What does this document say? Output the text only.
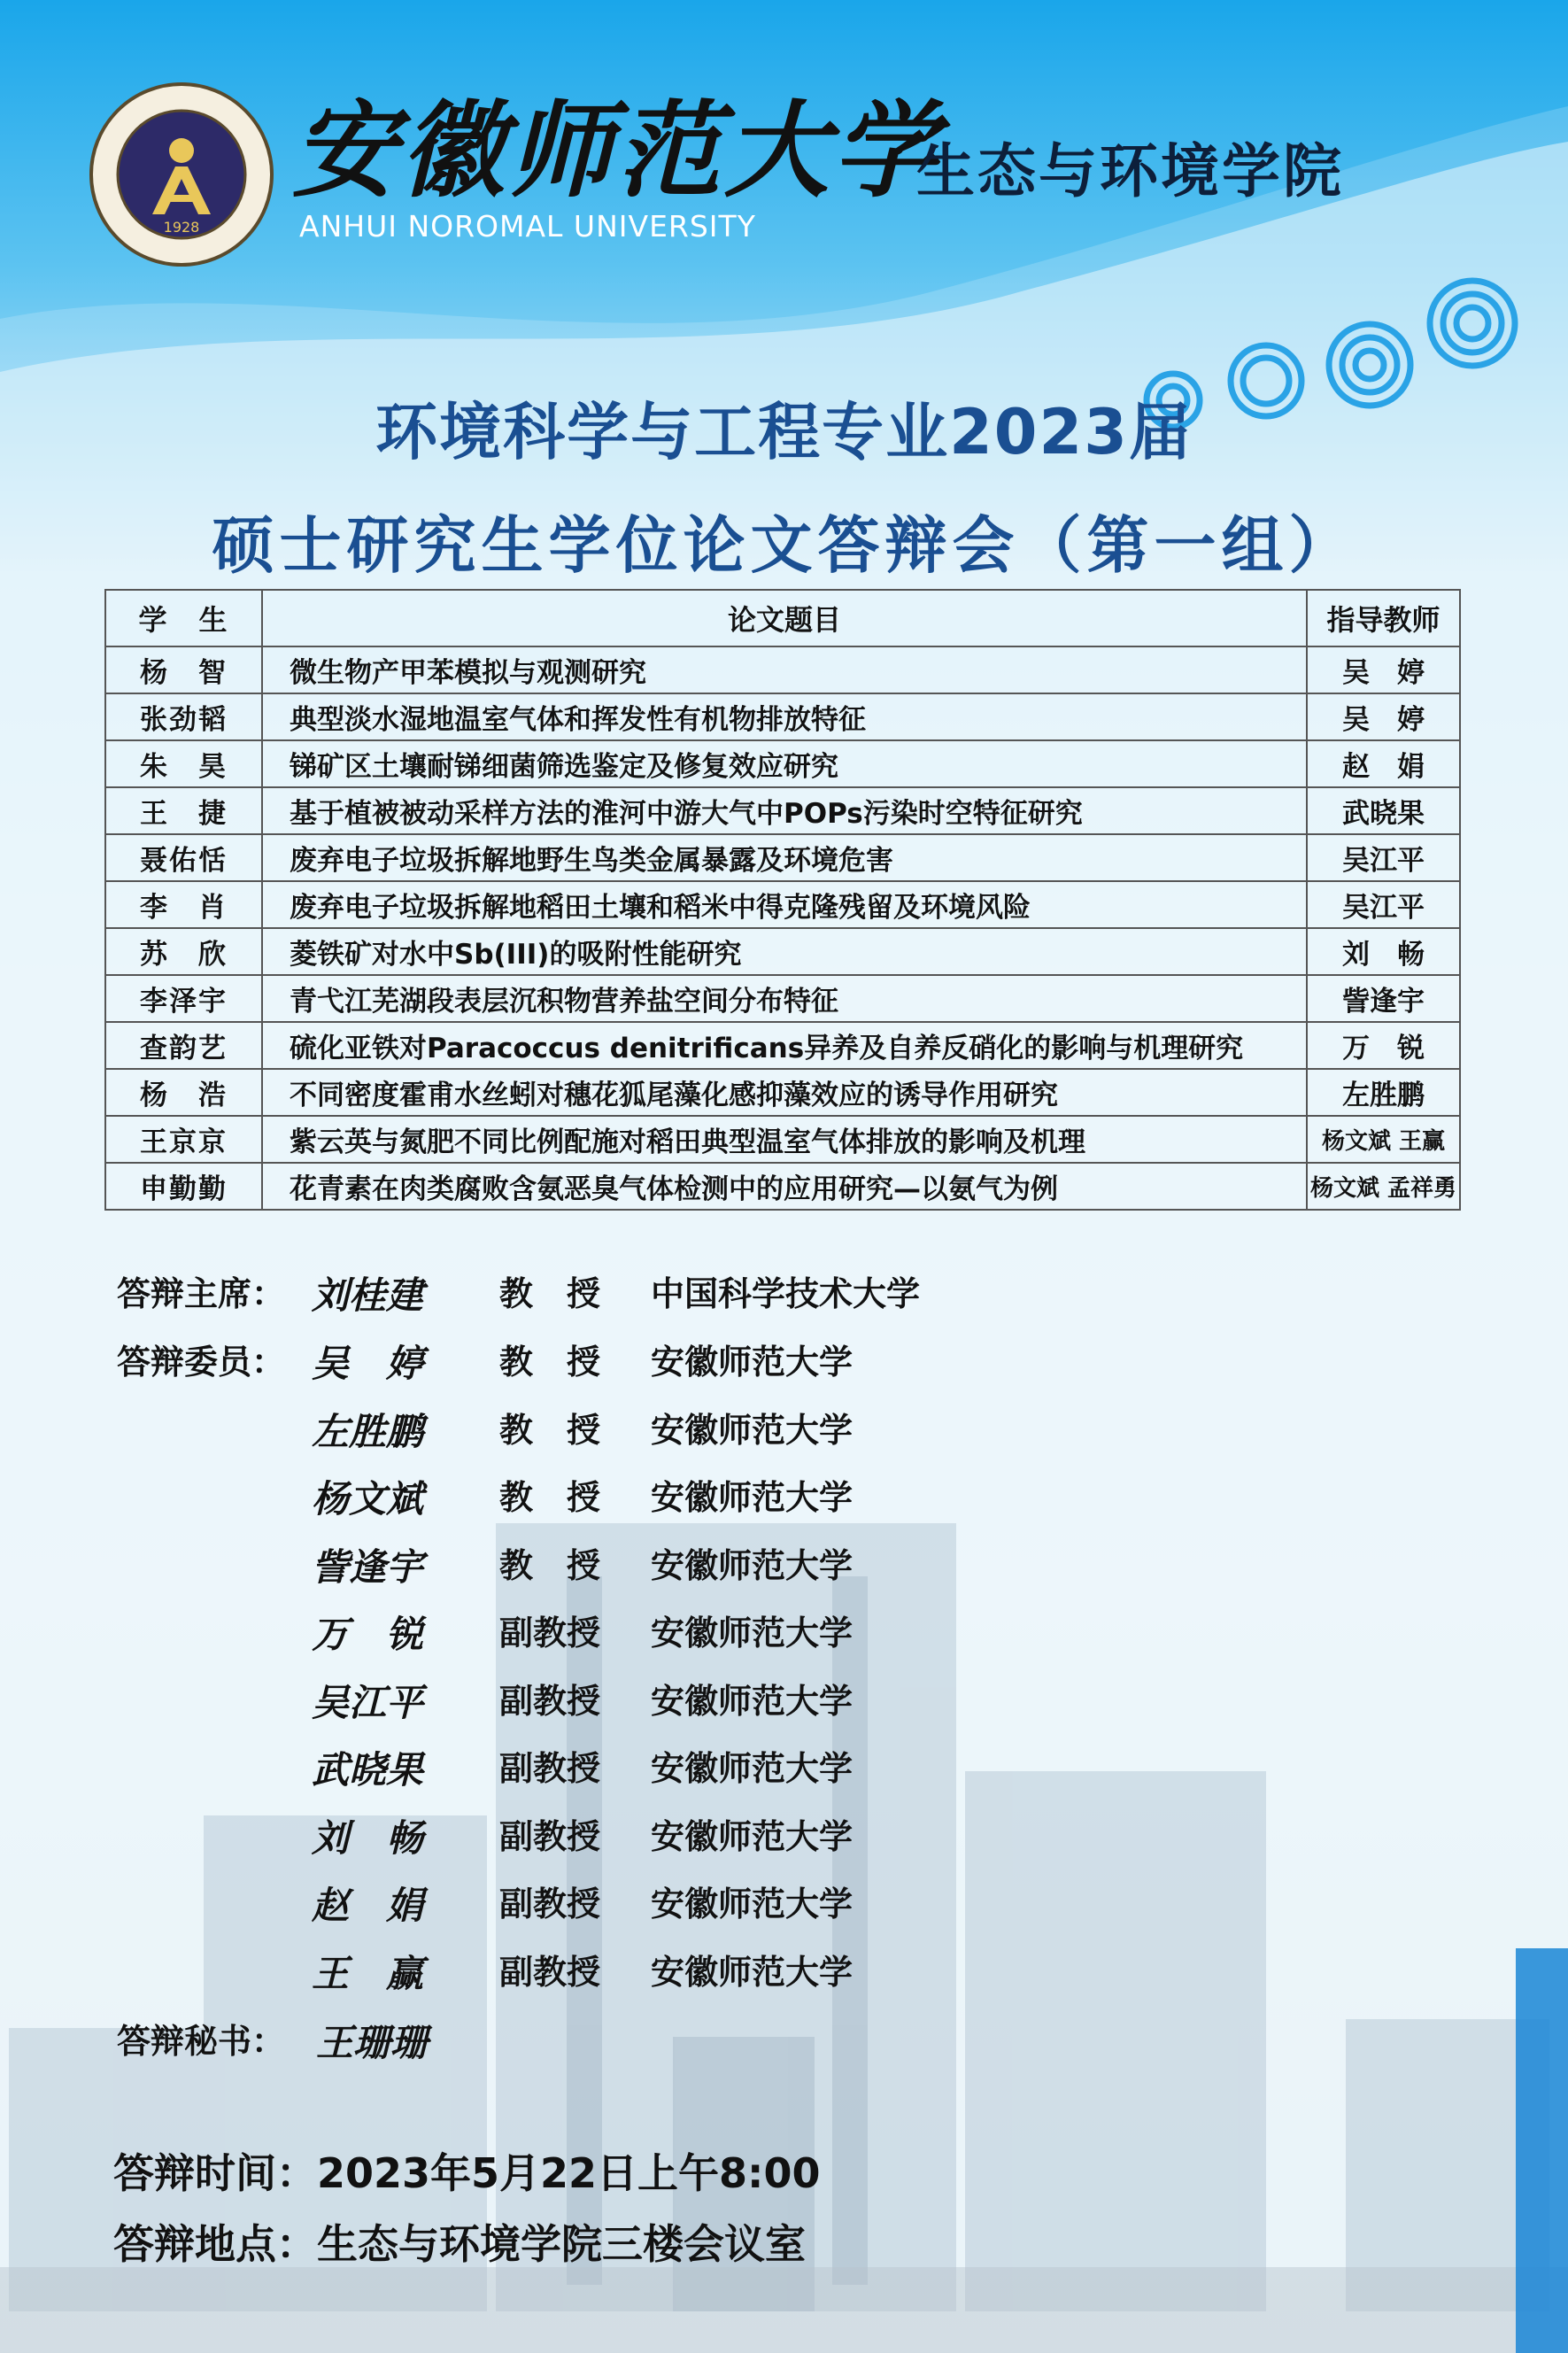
1928
安徽师范大学
ANHUI NOROMAL UNIVERSITY
生态与环境学院
环境科学与工程专业2023届
硕士研究生学位论文答辩会（第一组）
学　生	论文题目	指导教师
杨　智	微生物产甲苯模拟与观测研究	吴　婷
张劲韬	典型淡水湿地温室气体和挥发性有机物排放特征	吴　婷
朱　昊	锑矿区土壤耐锑细菌筛选鉴定及修复效应研究	赵　娟
王　捷	基于植被被动采样方法的淮河中游大气中POPs污染时空特征研究	武晓果
聂佑恬	废弃电子垃圾拆解地野生鸟类金属暴露及环境危害	吴江平
李　肖	废弃电子垃圾拆解地稻田土壤和稻米中得克隆残留及环境风险	吴江平
苏　欣	菱铁矿对水中Sb(III)的吸附性能研究	刘　畅
李泽宇	青弋江芜湖段表层沉积物营养盐空间分布特征	訾逢宇
查韵艺	硫化亚铁对Paracoccus denitrificans异养及自养反硝化的影响与机理研究	万　锐
杨　浩	不同密度霍甫水丝蚓对穗花狐尾藻化感抑藻效应的诱导作用研究	左胜鹏
王京京	紫云英与氮肥不同比例配施对稻田典型温室气体排放的影响及机理	杨文斌 王赢
申勤勤	花青素在肉类腐败含氨恶臭气体检测中的应用研究—以氨气为例	杨文斌 孟祥勇
答辩主席： 刘桂建 教　授 中国科学技术大学
答辩委员： 吴　婷 教　授 安徽师范大学
左胜鹏 教　授 安徽师范大学
杨文斌 教　授 安徽师范大学
訾逢宇 教　授 安徽师范大学
万　锐 副教授 安徽师范大学
吴江平 副教授 安徽师范大学
武晓果 副教授 安徽师范大学
刘　畅 副教授 安徽师范大学
赵　娟 副教授 安徽师范大学
王　赢 副教授 安徽师范大学
答辩秘书： 王珊珊
答辩时间：2023年5月22日上午8:00
答辩地点：生态与环境学院三楼会议室
